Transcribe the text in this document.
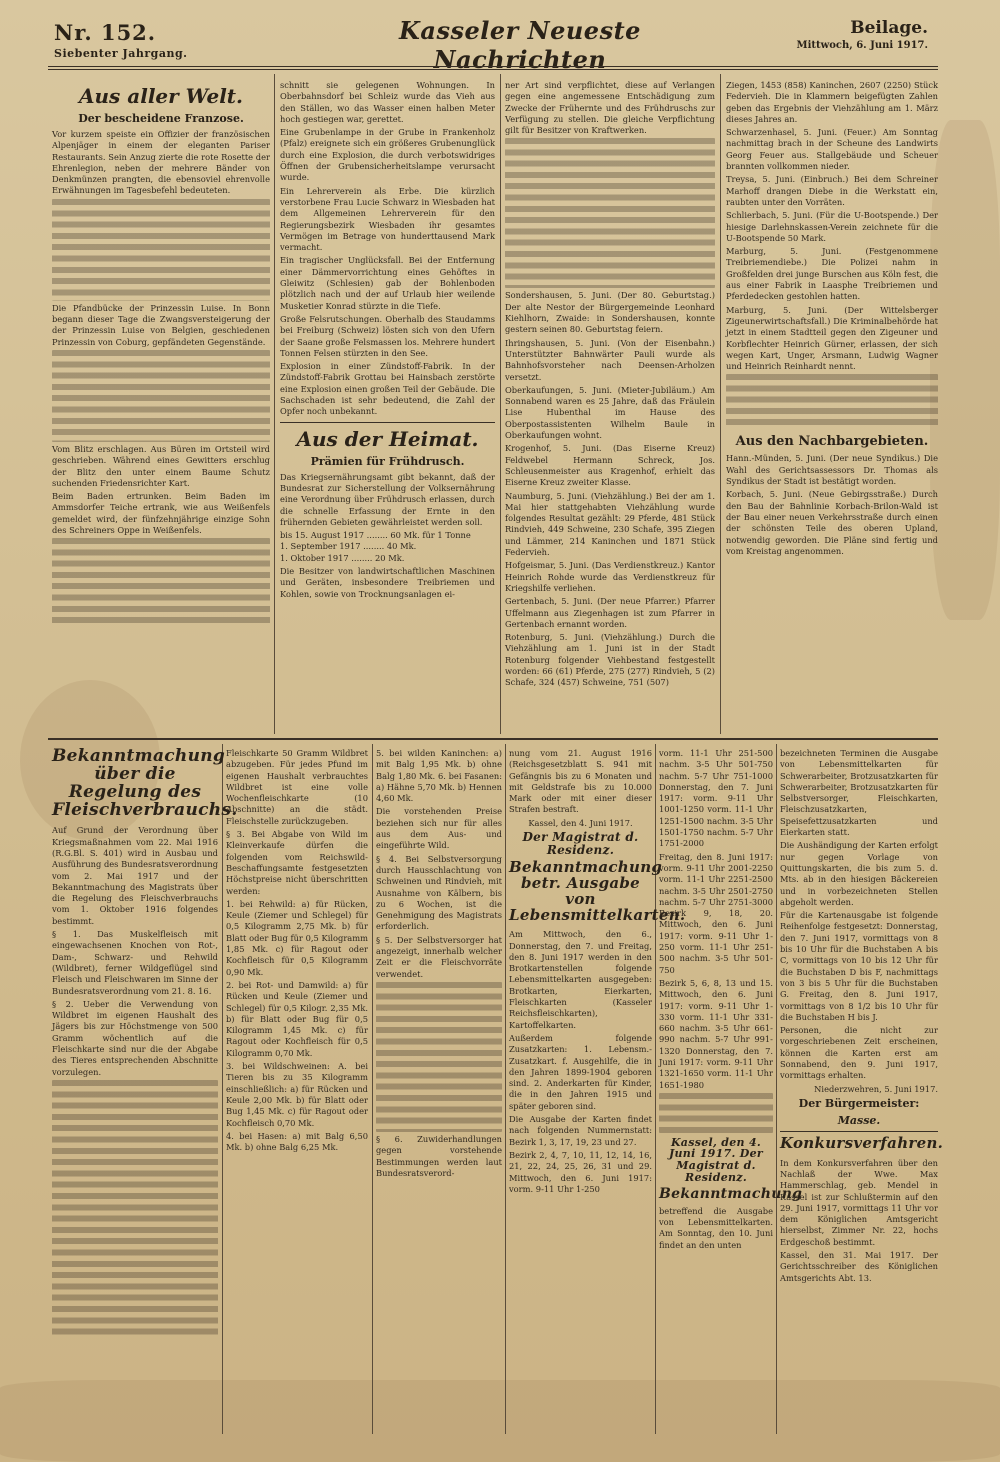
Nr. 152.
Siebenter Jahrgang.
Kasseler Neueste Nachrichten
Beilage.
Mittwoch, 6. Juni 1917.
Aus aller Welt.
Der bescheidene Franzose.

Vor kurzem speiste ein Offizier der französischen Alpenjäger in einem der eleganten Pariser Restaurants. Sein Anzug zierte die rote Rosette der Ehrenlegion, neben der mehrere Bänder von Denkmünzen prangten, die ebensoviel ehrenvolle Erwähnungen im Tagesbefehl bedeuteten.

Die Pfandbücke der Prinzessin Luise. In Bonn begann dieser Tage die Zwangsversteigerung der der Prinzessin Luise von Belgien, geschiedenen Prinzessin von Coburg, gepfändeten Gegenstände.

Vom Blitz erschlagen. Aus Büren im Ortsteil wird geschrieben. Während eines Gewitters erschlug der Blitz den unter einem Baume Schutz suchenden Friedensrichter Kart.

Beim Baden ertrunken. Beim Baden im Ammsdorfer Teiche ertrank, wie aus Weißenfels gemeldet wird, der fünfzehnjährige einzige Sohn des Schreiners Oppe in Weißenfels.

schnitt sie gelegenen Wohnungen. In Oberbahnsdorf bei Schleiz wurde das Vieh aus den Ställen, wo das Wasser einen halben Meter hoch gestiegen war, gerettet.

Eine Grubenlampe in der Grube in Frankenholz (Pfalz) ereignete sich ein größeres Grubenunglück durch eine Explosion, die durch verbotswidriges Öffnen der Grubensicherheitslampe verursacht wurde.

Ein Lehrerverein als Erbe. Die kürzlich verstorbene Frau Lucie Schwarz in Wiesbaden hat dem Allgemeinen Lehrerverein für den Regierungsbezirk Wiesbaden ihr gesamtes Vermögen im Betrage von hunderttausend Mark vermacht.

Ein tragischer Unglücksfall. Bei der Entfernung einer Dämmervorrichtung eines Gehöftes in Gleiwitz (Schlesien) gab der Bohlenboden plötzlich nach und der auf Urlaub hier weilende Musketier Konrad stürzte in die Tiefe.

Große Felsrutschungen. Oberhalb des Staudamms bei Freiburg (Schweiz) lösten sich von den Ufern der Saane große Felsmassen los. Mehrere hundert Tonnen Felsen stürzten in den See.

Explosion in einer Zündstoff-Fabrik. In der Zündstoff-Fabrik Grottau bei Hainsbach zerstörte eine Explosion einen großen Teil der Gebäude. Die Sachschaden ist sehr bedeutend, die Zahl der Opfer noch unbekannt.

Aus der Heimat.
Prämien für Frühdrusch.

Das Kriegsernährungsamt gibt bekannt, daß der Bundesrat zur Sicherstellung der Volksernährung eine Verordnung über Frühdrusch erlassen, durch die schnelle Erfassung der Ernte in den frühernden Gebieten gewährleistet werden soll.

bis 15. August 1917 ........ 60 Mk. für 1 Tonne

1. September 1917 ........ 40 Mk.

1. Oktober 1917 ........ 20 Mk.

Die Besitzer von landwirtschaftlichen Maschinen und Geräten, insbesondere Treibriemen und Kohlen, sowie von Trocknungsanlagen ei-

ner Art sind verpflichtet, diese auf Verlangen gegen eine angemessene Entschädigung zum Zwecke der Frühernte und des Frühdruschs zur Verfügung zu stellen. Die gleiche Verpflichtung gilt für Besitzer von Kraftwerken.

Sondershausen, 5. Juni. (Der 80. Geburtstag.) Der alte Nestor der Bürgergemeinde Leonhard Kiehlhorn, Zwaide: in Sondershausen, konnte gestern seinen 80. Geburtstag feiern.

Ihringshausen, 5. Juni. (Von der Eisenbahn.) Unterstützter Bahnwärter Pauli wurde als Bahnhofsvorsteher nach Deensen-Arholzen versetzt.

Oberkaufungen, 5. Juni. (Mieter-Jubiläum.) Am Sonnabend waren es 25 Jahre, daß das Fräulein Lise Hubenthal im Hause des Oberpostassistenten Wilhelm Baule in Oberkaufungen wohnt.

Krogenhof, 5. Juni. (Das Eiserne Kreuz) Feldwebel Hermann Schreck, Jos. Schleusenmeister aus Kragenhof, erhielt das Eiserne Kreuz zweiter Klasse.

Naumburg, 5. Juni. (Viehzählung.) Bei der am 1. Mai hier stattgehabten Viehzählung wurde folgendes Resultat gezählt: 29 Pferde, 481 Stück Rindvieh, 449 Schweine, 230 Schafe, 395 Ziegen und Lämmer, 214 Kaninchen und 1871 Stück Federvieh.

Hofgeismar, 5. Juni. (Das Verdienstkreuz.) Kantor Heinrich Rohde wurde das Verdienstkreuz für Kriegshilfe verliehen.

Gertenbach, 5. Juni. (Der neue Pfarrer.) Pfarrer Uffelmann aus Ziegenhagen ist zum Pfarrer in Gertenbach ernannt worden.

Rotenburg, 5. Juni. (Viehzählung.) Durch die Viehzählung am 1. Juni ist in der Stadt Rotenburg folgender Viehbestand festgestellt worden: 66 (61) Pferde, 275 (277) Rindvieh, 5 (2) Schafe, 324 (457) Schweine, 751 (507)

Ziegen, 1453 (858) Kaninchen, 2607 (2250) Stück Federvieh. Die in Klammern beigefügten Zahlen geben das Ergebnis der Viehzählung am 1. März dieses Jahres an.

Schwarzenhasel, 5. Juni. (Feuer.) Am Sonntag nachmittag brach in der Scheune des Landwirts Georg Feuer aus. Stallgebäude und Scheuer brannten vollkommen nieder.

Treysa, 5. Juni. (Einbruch.) Bei dem Schreiner Marhoff drangen Diebe in die Werkstatt ein, raubten unter den Vorräten.

Schlierbach, 5. Juni. (Für die U-Bootspende.) Der hiesige Darlehnskassen-Verein zeichnete für die U-Bootspende 50 Mark.

Marburg, 5. Juni. (Festgenommene Treibriemendiebe.) Die Polizei nahm in Großfelden drei junge Burschen aus Köln fest, die aus einer Fabrik in Laasphe Treibriemen und Pferdedecken gestohlen hatten.

Marburg, 5. Juni. (Der Wittelsberger Zigeunerwirtschaftsfall.) Die Kriminalbehörde hat jetzt in einem Stadtteil gegen den Zigeuner und Korbflechter Heinrich Gürner, erlassen, der sich wegen Kart, Unger, Arsmann, Ludwig Wagner und Heinrich Reinhardt nennt.

Aus den Nachbargebieten.

Hann.-Münden, 5. Juni. (Der neue Syndikus.) Die Wahl des Gerichtsassessors Dr. Thomas als Syndikus der Stadt ist bestätigt worden.

Korbach, 5. Juni. (Neue Gebirgsstraße.) Durch den Bau der Bahnlinie Korbach-Brilon-Wald ist der Bau einer neuen Verkehrsstraße durch einen der schönsten Teile des oberen Upland, notwendig geworden. Die Pläne sind fertig und vom Kreistag angenommen.

Bekanntmachung über die Regelung des Fleischverbrauchs.

Auf Grund der Verordnung über Kriegsmaßnahmen vom 22. Mai 1916 (R.G.Bl. S. 401) wird in Ausbau und Ausführung des Bundesratsverordnung vom 2. Mai 1917 und der Bekanntmachung des Magistrats über die Regelung des Fleischverbrauchs vom 1. Oktober 1916 folgendes bestimmt.

§ 1. Das Muskelfleisch mit eingewachsenen Knochen von Rot-, Dam-, Schwarz- und Rehwild (Wildbret), ferner Wildgeflügel sind Fleisch und Fleischwaren im Sinne der Bundesratsverordnung vom 21. 8. 16.

§ 2. Ueber die Verwendung von Wildbret im eigenen Haushalt des Jägers bis zur Höchstmenge von 500 Gramm wöchentlich auf die Fleischkarte sind nur die der Abgabe des Tieres entsprechenden Abschnitte vorzulegen.

Fleischkarte 50 Gramm Wildbret abzugeben. Für jedes Pfund im eigenen Haushalt verbrauchtes Wildbret ist eine volle Wochenfleischkarte (10 Abschnitte) an die städt. Fleischstelle zurückzugeben.

§ 3. Bei Abgabe von Wild im Kleinverkaufe dürfen die folgenden vom Reichswild-Beschaffungsamte festgesetzten Höchstpreise nicht überschritten werden:

1. bei Rehwild: a) für Rücken, Keule (Ziemer und Schlegel) für 0,5 Kilogramm 2,75 Mk. b) für Blatt oder Bug für 0,5 Kilogramm 1,85 Mk. c) für Ragout oder Kochfleisch für 0,5 Kilogramm 0,90 Mk.

2. bei Rot- und Damwild: a) für Rücken und Keule (Ziemer und Schlegel) für 0,5 Kilogr. 2,35 Mk. b) für Blatt oder Bug für 0,5 Kilogramm 1,45 Mk. c) für Ragout oder Kochfleisch für 0,5 Kilogramm 0,70 Mk.

3. bei Wildschweinen: A. bei Tieren bis zu 35 Kilogramm einschließlich: a) für Rücken und Keule 2,00 Mk. b) für Blatt oder Bug 1,45 Mk. c) für Ragout oder Kochfleisch 0,70 Mk.

4. bei Hasen: a) mit Balg 6,50 Mk. b) ohne Balg 6,25 Mk.

5. bei wilden Kaninchen: a) mit Balg 1,95 Mk. b) ohne Balg 1,80 Mk. 6. bei Fasanen: a) Hähne 5,70 Mk. b) Hennen 4,60 Mk.

Die vorstehenden Preise beziehen sich nur für alles aus dem Aus- und eingeführte Wild.

§ 4. Bei Selbstversorgung durch Hausschlachtung von Schweinen und Rindvieh, mit Ausnahme von Kälbern, bis zu 6 Wochen, ist die Genehmigung des Magistrats erforderlich.

§ 5. Der Selbstversorger hat angezeigt, innerhalb welcher Zeit er die Fleischvorräte verwendet.

§ 6. Zuwiderhandlungen gegen vorstehende Bestimmungen werden laut Bundesratsverord-

nung vom 21. August 1916 (Reichsgesetzblatt S. 941 mit Gefängnis bis zu 6 Monaten und mit Geldstrafe bis zu 10.000 Mark oder mit einer dieser Strafen bestraft.

Kassel, den 4. Juni 1917.

Der Magistrat d. Residenz.
Bekanntmachung betr. Ausgabe von Lebensmittelkarten.

Am Mittwoch, den 6., Donnerstag, den 7. und Freitag, den 8. Juni 1917 werden in den Brotkartenstellen folgende Lebensmittelkarten ausgegeben: Brotkarten, Eierkarten, Fleischkarten (Kasseler Reichsfleischkarten), Kartoffelkarten.

Außerdem folgende Zusatzkarten: 1. Lebensm.-Zusatzkart. f. Ausgehilfe, die in den Jahren 1899-1904 geboren sind. 2. Anderkarten für Kinder, die in den Jahren 1915 und später geboren sind.

Die Ausgabe der Karten findet nach folgenden Nummernstatt: Bezirk 1, 3, 17, 19, 23 und 27.

Bezirk 2, 4, 7, 10, 11, 12, 14, 16, 21, 22, 24, 25, 26, 31 und 29. Mittwoch, den 6. Juni 1917: vorm. 9-11 Uhr 1-250

vorm. 11-1 Uhr 251-500 nachm. 3-5 Uhr 501-750 nachm. 5-7 Uhr 751-1000 Donnerstag, den 7. Juni 1917: vorm. 9-11 Uhr 1001-1250 vorm. 11-1 Uhr 1251-1500 nachm. 3-5 Uhr 1501-1750 nachm. 5-7 Uhr 1751-2000

Freitag, den 8. Juni 1917: vorm. 9-11 Uhr 2001-2250 vorm. 11-1 Uhr 2251-2500 nachm. 3-5 Uhr 2501-2750 nachm. 5-7 Uhr 2751-3000 Bezirk 9, 18, 20. Mittwoch, den 6. Juni 1917: vorm. 9-11 Uhr 1-250 vorm. 11-1 Uhr 251-500 nachm. 3-5 Uhr 501-750

Bezirk 5, 6, 8, 13 und 15. Mittwoch, den 6. Juni 1917: vorm. 9-11 Uhr 1-330 vorm. 11-1 Uhr 331-660 nachm. 3-5 Uhr 661-990 nachm. 5-7 Uhr 991-1320 Donnerstag, den 7. Juni 1917: vorm. 9-11 Uhr 1321-1650 vorm. 11-1 Uhr 1651-1980

Kassel, den 4. Juni 1917. Der Magistrat d. Residenz.
Bekanntmachung

betreffend die Ausgabe von Lebensmittelkarten. Am Sonntag, den 10. Juni findet an den unten

bezeichneten Terminen die Ausgabe von Lebensmittelkarten für Schwerarbeiter, Brotzusatzkarten für Schwerarbeiter, Brotzusatzkarten für Selbstversorger, Fleischkarten, Fleischzusatzkarten, Speisefettzusatzkarten und Eierkarten statt.

Die Aushändigung der Karten erfolgt nur gegen Vorlage von Quittungskarten, die bis zum 5. d. Mts. ab in den hiesigen Bäckereien und in vorbezeichneten Stellen abgeholt werden.

Für die Kartenausgabe ist folgende Reihenfolge festgesetzt: Donnerstag, den 7. Juni 1917, vormittags von 8 bis 10 Uhr für die Buchstaben A bis C, vormittags von 10 bis 12 Uhr für die Buchstaben D bis F, nachmittags von 3 bis 5 Uhr für die Buchstaben G. Freitag, den 8. Juni 1917, vormittags von 8 1/2 bis 10 Uhr für die Buchstaben H bis J.

Personen, die nicht zur vorgeschriebenen Zeit erscheinen, können die Karten erst am Sonnabend, den 9. Juni 1917, vormittags erhalten.

Niederzwehren, 5. Juni 1917.

Der Bürgermeister:
Masse.
Konkursverfahren.

In dem Konkursverfahren über den Nachlaß der Wwe. Max Hammerschlag, geb. Mendel in Kassel ist zur Schlußtermin auf den 29. Juni 1917, vormittags 11 Uhr vor dem Königlichen Amtsgericht hierselbst, Zimmer Nr. 22, hochs Erdgeschoß bestimmt.

Kassel, den 31. Mai 1917. Der Gerichtsschreiber des Königlichen Amtsgerichts Abt. 13.
